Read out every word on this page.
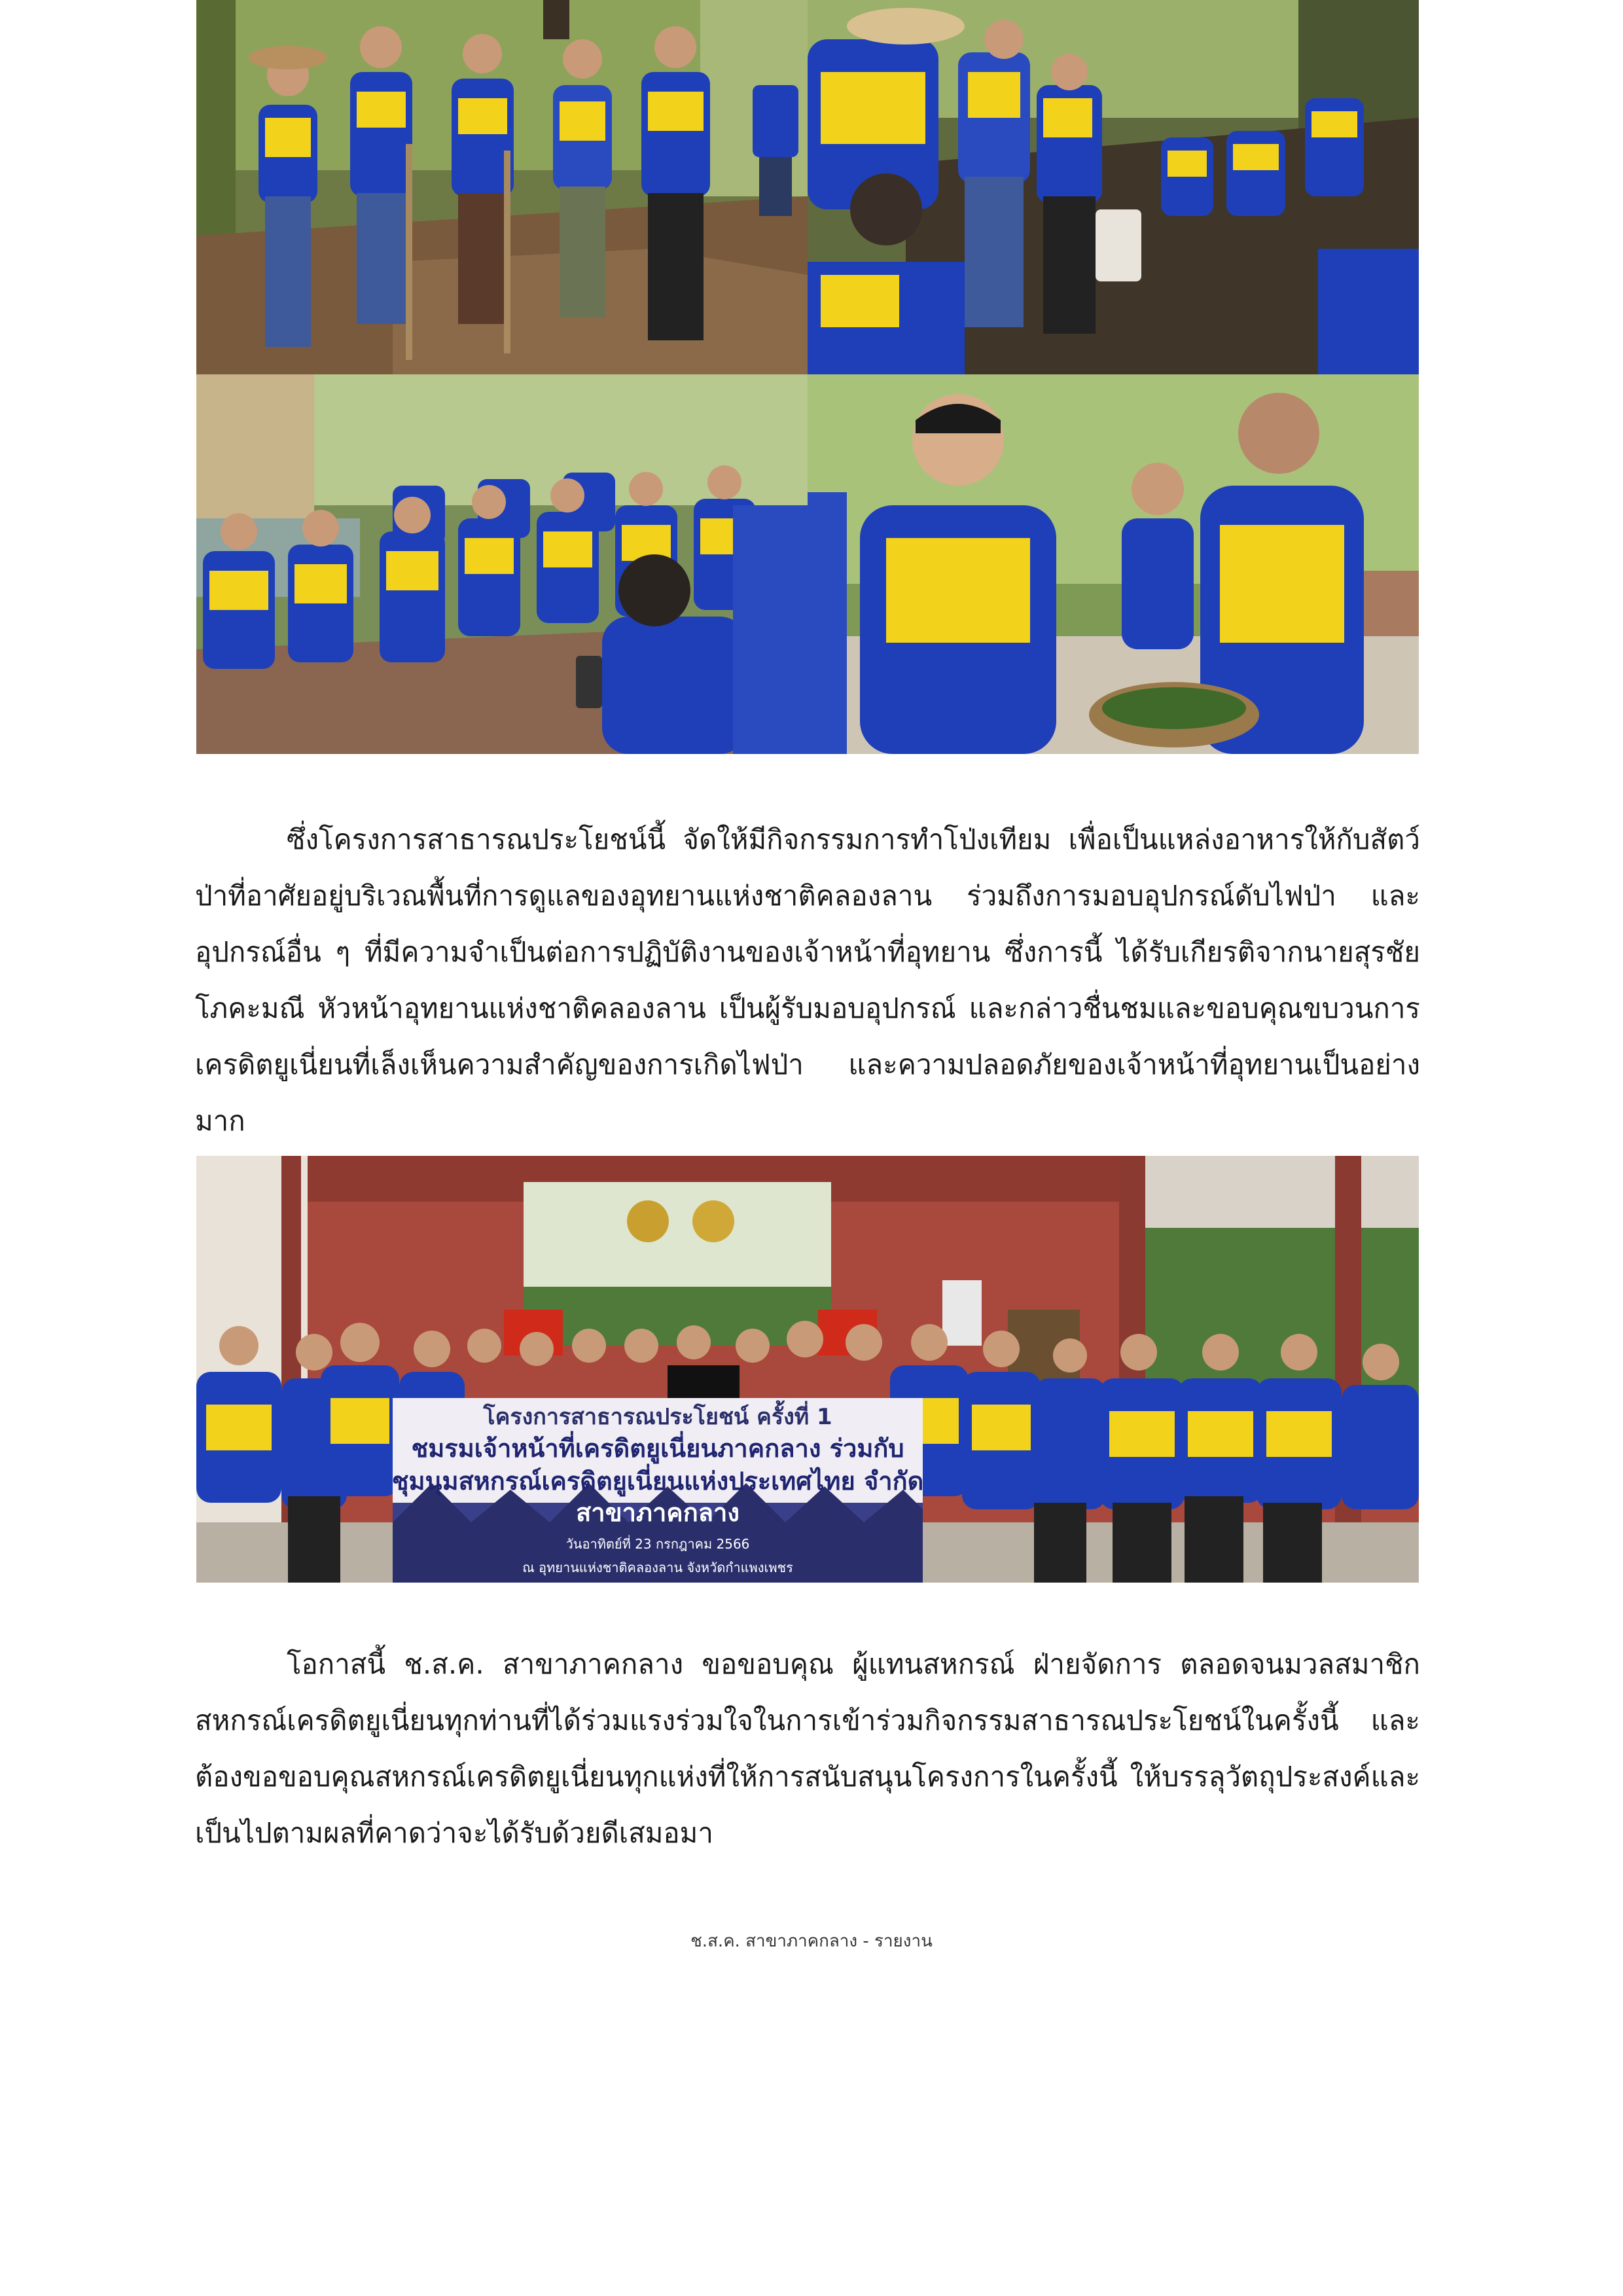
ซึ่งโครงการสาธารณประโยชน์นี้ จัดให้มีกิจกรรมการทำโป่งเทียม เพื่อเป็นแหล่งอาหารให้กับสัตว์ป่าที่อาศัยอยู่บริเวณพื้นที่การดูแลของอุทยานแห่งชาติคลองลาน ร่วมถึงการมอบอุปกรณ์ดับไฟป่า และอุปกรณ์อื่น ๆ ที่มีความจำเป็นต่อการปฏิบัติงานของเจ้าหน้าที่อุทยาน ซึ่งการนี้ ได้รับเกียรติจากนายสุรชัย โภคะมณี หัวหน้าอุทยานแห่งชาติคลองลาน เป็นผู้รับมอบอุปกรณ์ และกล่าวชื่นชมและขอบคุณขบวนการเครดิตยูเนี่ยนที่เล็งเห็นความสำคัญของการเกิดไฟป่า และความปลอดภัยของเจ้าหน้าที่อุทยานเป็นอย่างมาก

โครงการสาธารณประโยชน์ ครั้งที่ 1
ชมรมเจ้าหน้าที่เครดิตยูเนี่ยนภาคกลาง ร่วมกับ
ชุมนุมสหกรณ์เครดิตยูเนี่ยนแห่งประเทศไทย จำกัด
สาขาภาคกลาง
วันอาทิตย์ที่ 23 กรกฎาคม 2566
ณ อุทยานแห่งชาติคลองลาน จังหวัดกำแพงเพชร

โอกาสนี้ ช.ส.ค. สาขาภาคกลาง ขอขอบคุณ ผู้แทนสหกรณ์ ฝ่ายจัดการ ตลอดจนมวลสมาชิกสหกรณ์เครดิตยูเนี่ยนทุกท่านที่ได้ร่วมแรงร่วมใจในการเข้าร่วมกิจกรรมสาธารณประโยชน์ในครั้งนี้ และต้องขอขอบคุณสหกรณ์เครดิตยูเนี่ยนทุกแห่งที่ให้การสนับสนุนโครงการในครั้งนี้ ให้บรรลุวัตถุประสงค์และเป็นไปตามผลที่คาดว่าจะได้รับด้วยดีเสมอมา

ช.ส.ค. สาขาภาคกลาง - รายงาน
